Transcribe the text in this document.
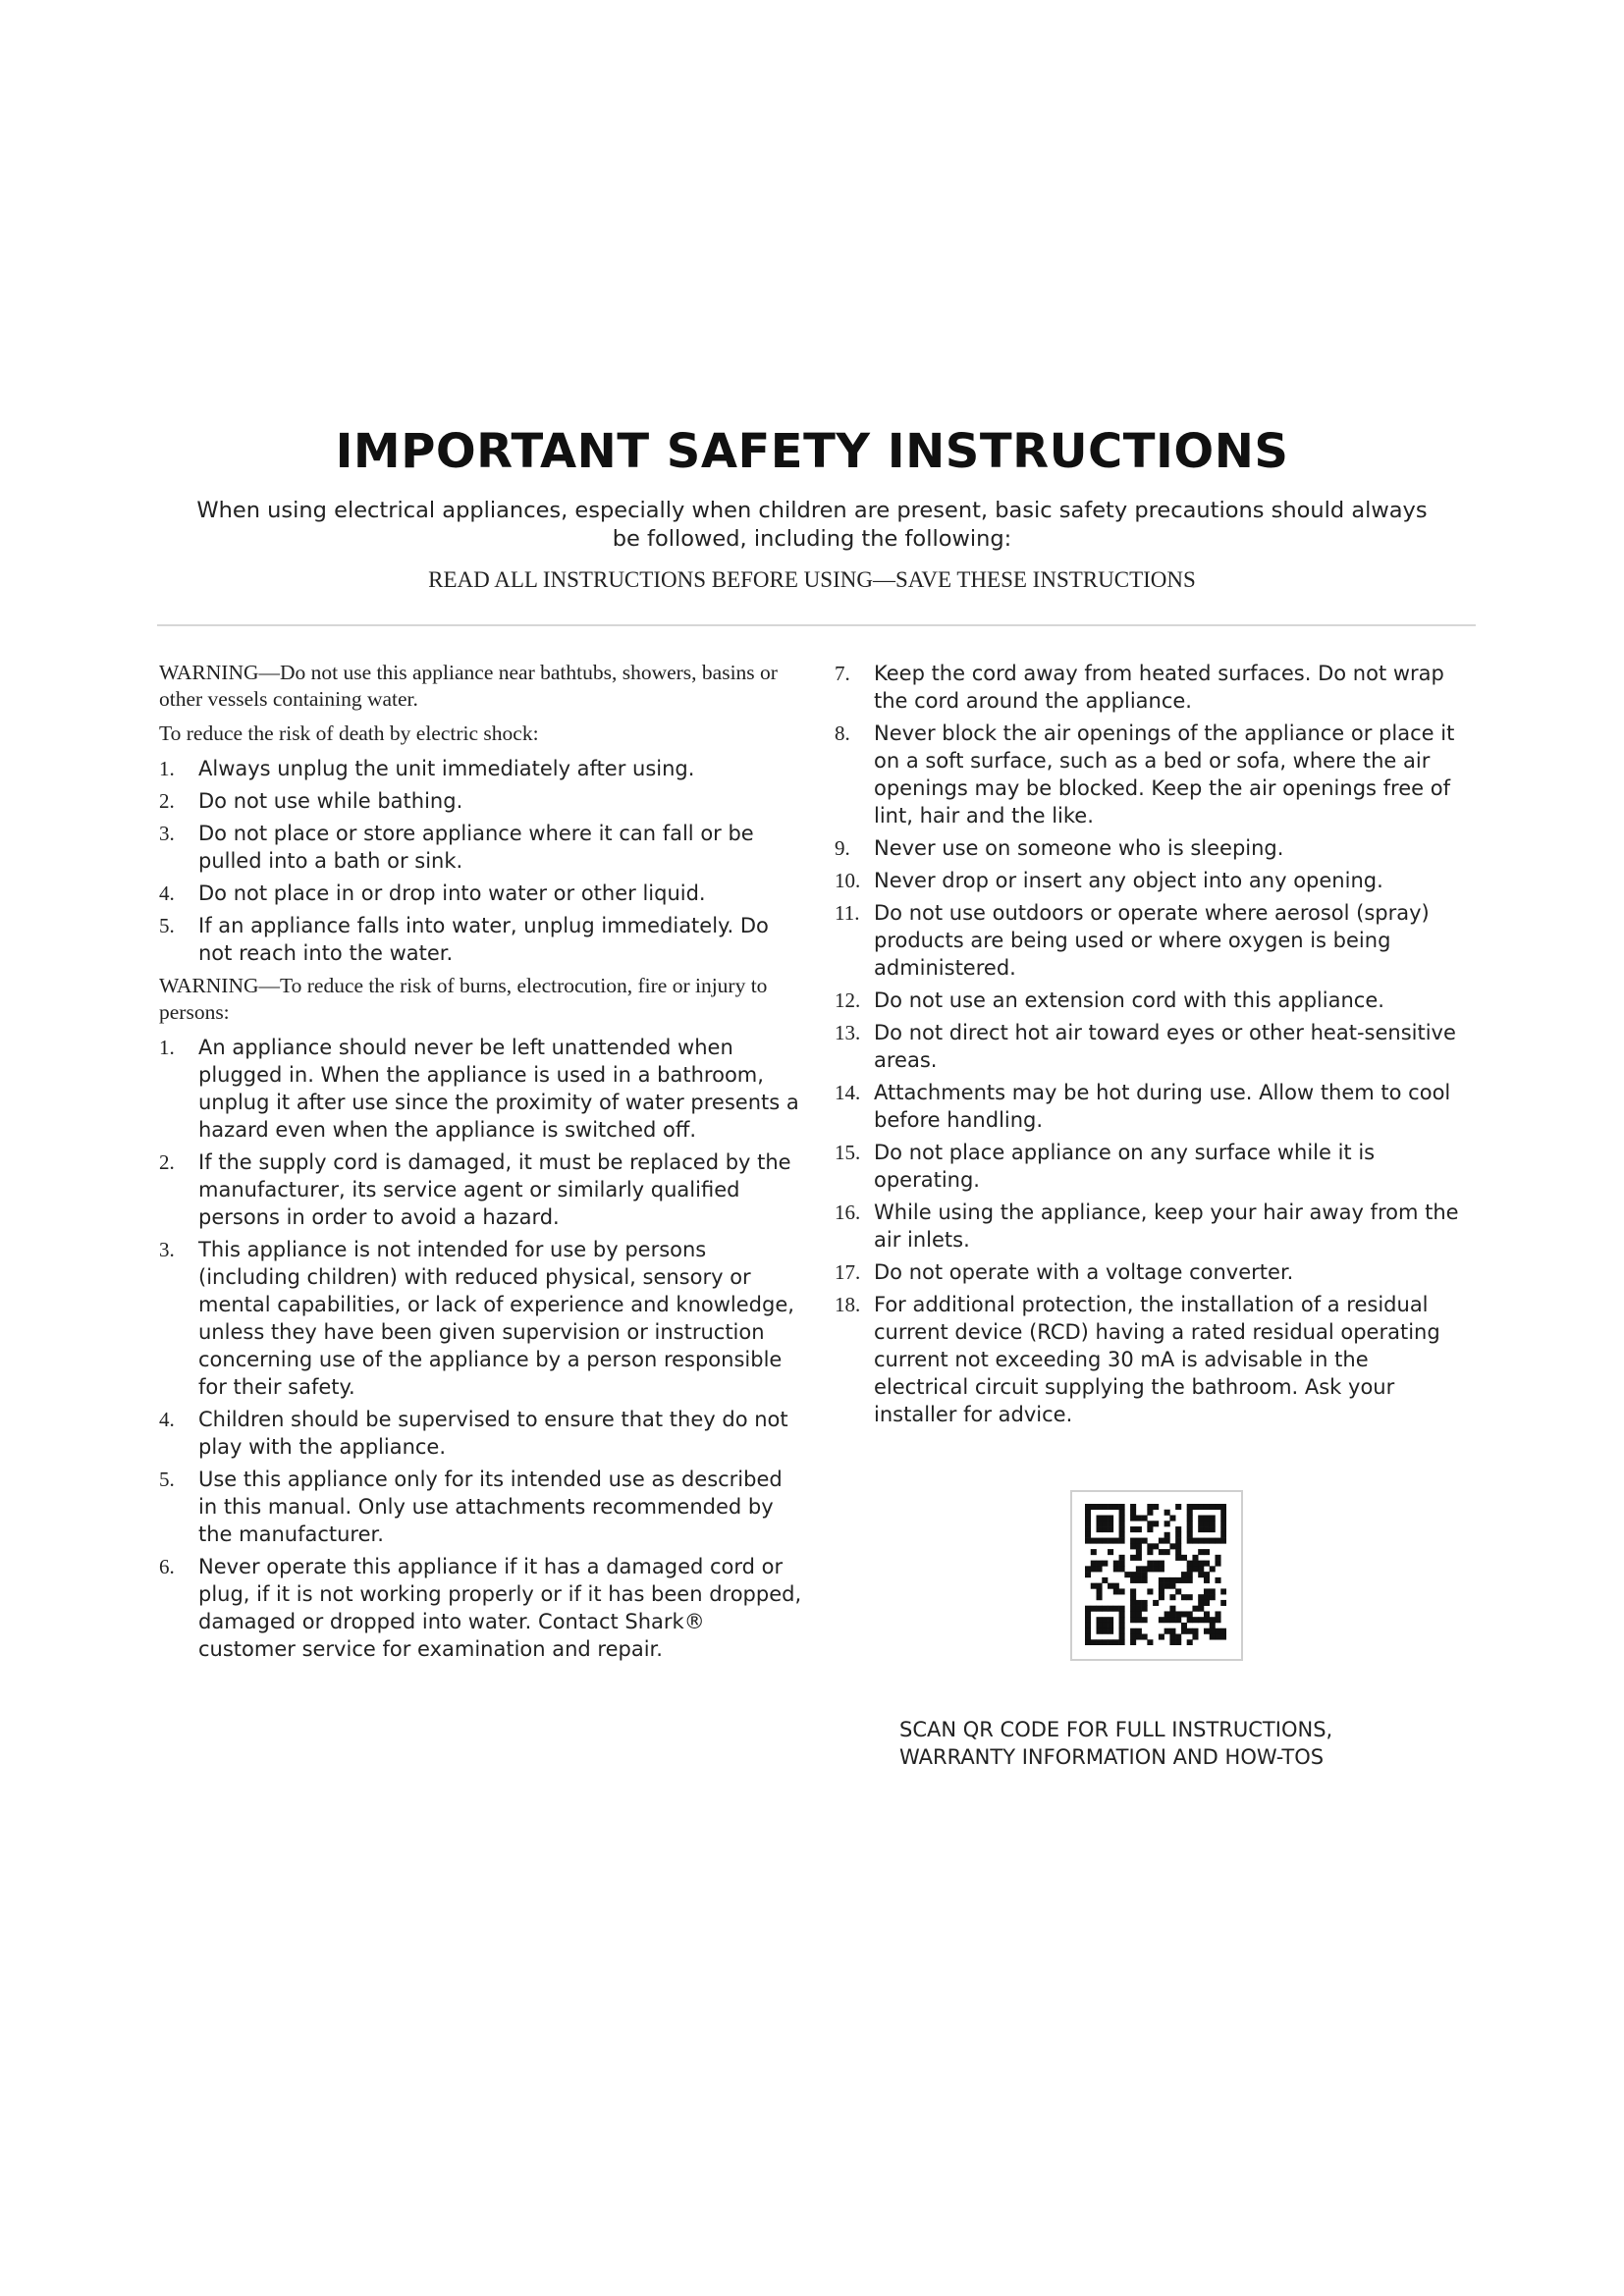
IMPORTANT SAFETY INSTRUCTIONS
When using electrical appliances, especially when children are present, basic safety precautions should always be followed, including the following:
READ ALL INSTRUCTIONS BEFORE USING—SAVE THESE INSTRUCTIONS

WARNING—Do not use this appliance near bathtubs, showers, basins or other vessels containing water.

To reduce the risk of death by electric shock:

1. Always unplug the unit immediately after using.
2. Do not use while bathing.
3. Do not place or store appliance where it can fall or be pulled into a bath or sink.
4. Do not place in or drop into water or other liquid.
5. If an appliance falls into water, unplug immediately. Do not reach into the water.

WARNING—To reduce the risk of burns, electrocution, fire or injury to persons:

1. An appliance should never be left unattended when plugged in. When the appliance is used in a bathroom, unplug it after use since the proximity of water presents a hazard even when the appliance is switched off.
2. If the supply cord is damaged, it must be replaced by the manufacturer, its service agent or similarly qualified persons in order to avoid a hazard.
3. This appliance is not intended for use by persons (including children) with reduced physical, sensory or mental capabilities, or lack of experience and knowledge, unless they have been given supervision or instruction concerning use of the appliance by a person responsible for their safety.
4. Children should be supervised to ensure that they do not play with the appliance.
5. Use this appliance only for its intended use as described in this manual. Only use attachments recommended by the manufacturer.
6. Never operate this appliance if it has a damaged cord or plug, if it is not working properly or if it has been dropped, damaged or dropped into water. Contact Shark® customer service for examination and repair.
7. Keep the cord away from heated surfaces. Do not wrap the cord around the appliance.
8. Never block the air openings of the appliance or place it on a soft surface, such as a bed or sofa, where the air openings may be blocked. Keep the air openings free of lint, hair and the like.
9. Never use on someone who is sleeping.
10. Never drop or insert any object into any opening.
11. Do not use outdoors or operate where aerosol (spray) products are being used or where oxygen is being administered.
12. Do not use an extension cord with this appliance.
13. Do not direct hot air toward eyes or other heat-sensitive areas.
14. Attachments may be hot during use. Allow them to cool before handling.
15. Do not place appliance on any surface while it is operating.
16. While using the appliance, keep your hair away from the air inlets.
17. Do not operate with a voltage converter.
18. For additional protection, the installation of a residual current device (RCD) having a rated residual operating current not exceeding 30 mA is advisable in the electrical circuit supplying the bathroom. Ask your installer for advice.
SCAN QR CODE FOR FULL INSTRUCTIONS, WARRANTY INFORMATION AND HOW-TOS
